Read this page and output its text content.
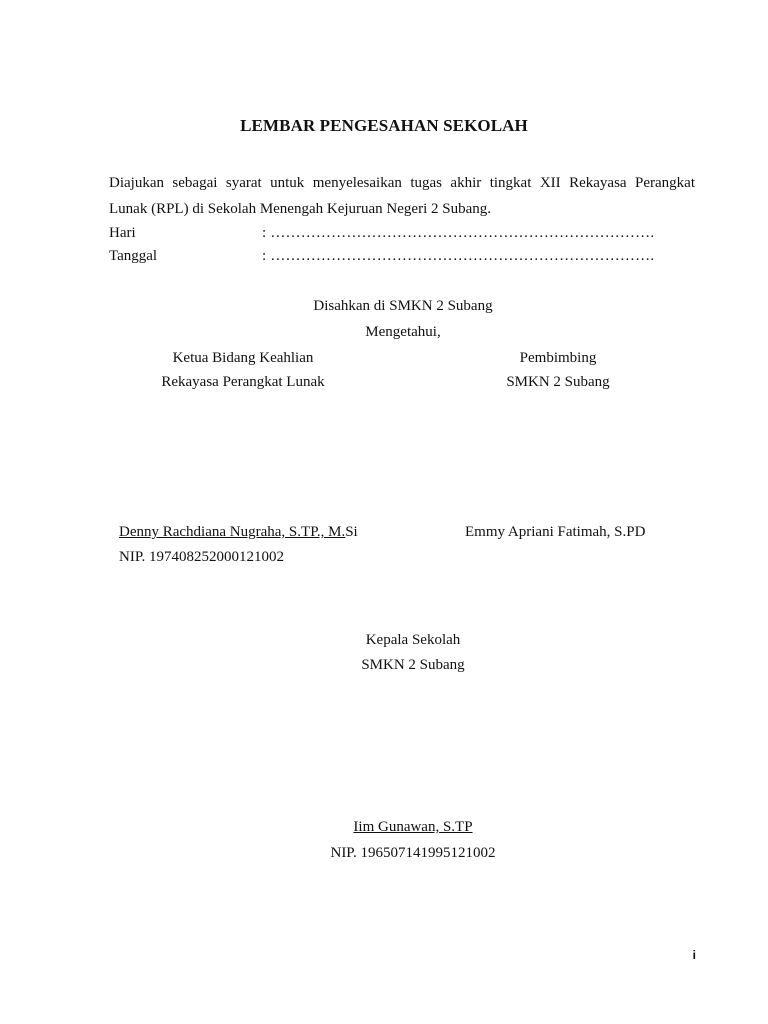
LEMBAR PENGESAHAN SEKOLAH
Diajukan sebagai syarat untuk menyelesaikan tugas akhir tingkat XII Rekayasa Perangkat
Lunak (RPL) di Sekolah Menengah Kejuruan Negeri 2 Subang.
Hari	: ………………………………………………………………….
Tanggal	: ………………………………………………………………….
Disahkan di SMKN 2 Subang
Mengetahui,
Ketua Bidang Keahlian
Rekayasa Perangkat Lunak
Pembimbing
SMKN 2 Subang
Denny Rachdiana Nugraha, S.TP., M.Si
NIP. 197408252000121002
Emmy Apriani Fatimah, S.PD
Kepala Sekolah
SMKN 2 Subang
Iim Gunawan, S.TP
NIP. 196507141995121002
i
